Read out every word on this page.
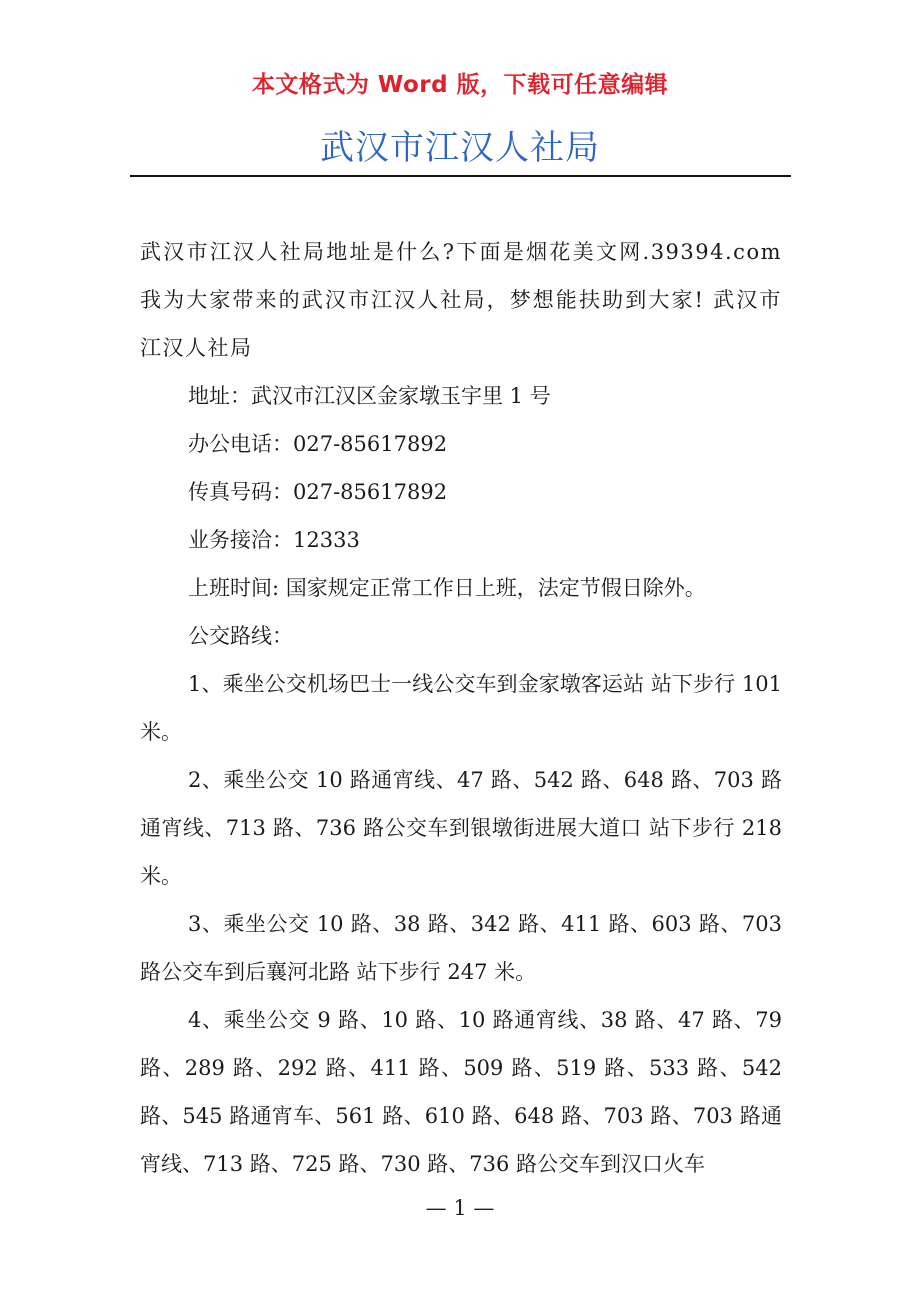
本文格式为 Word 版，下载可任意编辑
武汉市江汉人社局

武汉市江汉人社局地址是什么?下面是烟花美文网.39394.com 我为大家带来的武汉市江汉人社局，梦想能扶助到大家! 武汉市江汉人社局

地址：武汉市江汉区金家墩玉宇里 1 号

办公电话：027-85617892

传真号码：027-85617892

业务接洽：12333

上班时间: 国家规定正常工作日上班，法定节假日除外。

公交路线：

1、乘坐公交机场巴士一线公交车到金家墩客运站 站下步行 101 米。

2、乘坐公交 10 路通宵线、47 路、542 路、648 路、703 路通宵线、713 路、736 路公交车到银墩街进展大道口 站下步行 218 米。

3、乘坐公交 10 路、38 路、342 路、411 路、603 路、703 路公交车到后襄河北路 站下步行 247 米。

4、乘坐公交 9 路、10 路、10 路通宵线、38 路、47 路、79 路、289 路、292 路、411 路、509 路、519 路、533 路、542 路、545 路通宵车、561 路、610 路、648 路、703 路、703 路通宵线、713 路、725 路、730 路、736 路公交车到汉口火车

— 1 —
